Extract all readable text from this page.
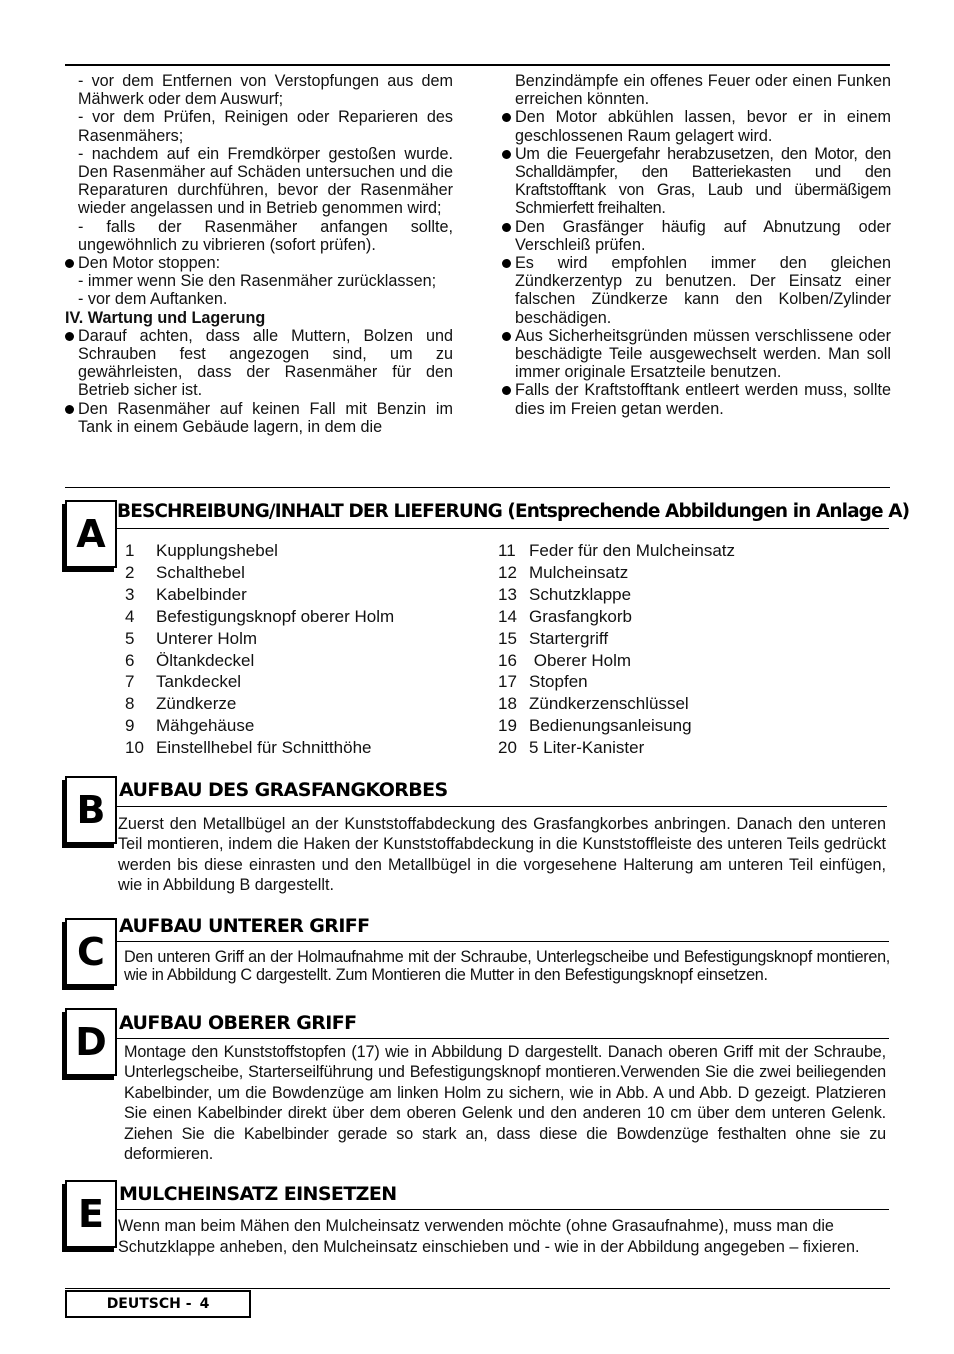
- vor dem Entfernen von Verstopfungen aus dem Mähwerk oder dem Auswurf;
- vor dem Prüfen, Reinigen oder Reparieren des Rasenmähers;
- nachdem auf ein Fremdkörper gestoßen wurde. Den Rasenmäher auf Schäden untersuchen und die Reparaturen durchführen, bevor der Rasenmäher wieder angelassen und in Betrieb genommen wird;
- falls der Rasenmäher anfangen sollte, ungewöhnlich zu vibrieren (sofort prüfen).
Den Motor stoppen:
- immer wenn Sie den Rasenmäher zurücklassen;
- vor dem Auftanken.
IV. Wartung und Lagerung
Darauf achten, dass alle Muttern, Bolzen und Schrauben fest angezogen sind, um zu gewährleisten, dass der Rasenmäher für den Betrieb sicher ist.
Den Rasenmäher auf keinen Fall mit Benzin im Tank in einem Gebäude lagern, in dem die
Benzindämpfe ein offenes Feuer oder einen Funken erreichen könnten.
Den Motor abkühlen lassen, bevor er in einem geschlossenen Raum gelagert wird.
Um die Feuergefahr herabzusetzen, den Motor, den Schalldämpfer, den Batteriekasten und den Kraftstofftank von Gras, Laub und übermäßigem Schmierfett freihalten.
Den Grasfänger häufig auf Abnutzung oder Verschleiß prüfen.
Es wird empfohlen immer den gleichen Zündkerzentyp zu benutzen. Der Einsatz einer falschen Zündkerze kann den Kolben/Zylinder beschädigen.
Aus Sicherheitsgründen müssen verschlissene oder beschädigte Teile ausgewechselt werden. Man soll immer originale Ersatzteile benutzen.
Falls der Kraftstofftank entleert werden muss, sollte dies im Freien getan werden.
A
BESCHREIBUNG/INHALT DER LIEFERUNG (Entsprechende Abbildungen in Anlage A)
1	Kupplungshebel
2	Schalthebel
3	Kabelbinder
4	Befestigungsknopf oberer Holm
5	Unterer Holm
6	Öltankdeckel
7	Tankdeckel
8	Zündkerze
9	Mähgehäuse
10 Einstellhebel für Schnitthöhe
11 Feder für den Mulcheinsatz
12 Mulcheinsatz
13 Schutzklappe
14 Grasfangkorb
15 Startergriff
16 Oberer Holm
17 Stopfen
18 Zündkerzenschlüssel
19 Bedienungsanleisung
20 5 Liter-Kanister
B AUFBAU DES GRASFANGKORBES
Zuerst den Metallbügel an der Kunststoffabdeckung des Grasfangkorbes anbringen. Danach den unteren Teil montieren, indem die Haken der Kunststoffabdeckung in die Kunststoffleiste des unteren Teils gedrückt werden bis diese einrasten und den Metallbügel in die vorgesehene Halterung am unteren Teil einfügen, wie in Abbildung B dargestellt.
C
AUFBAU UNTERER GRIFF
Den unteren Griff an der Holmaufnahme mit der Schraube, Unterlegscheibe und Befestigungsknopf montieren, wie in Abbildung C dargestellt. Zum Montieren die Mutter in den Befestigungsknopf einsetzen.
D AUFBAU OBERER GRIFF
Montage den Kunststoffstopfen (17) wie in Abbildung D dargestellt. Danach oberen Griff mit der Schraube, Unterlegscheibe, Starterseilführung und Befestigungsknopf montieren.Verwenden Sie die zwei beiliegenden Kabelbinder, um die Bowdenzüge am linken Holm zu sichern, wie in Abb. A und Abb. D gezeigt. Platzieren Sie einen Kabelbinder direkt über dem oberen Gelenk und den anderen 10 cm über dem unteren Gelenk. Ziehen Sie die Kabelbinder gerade so stark an, dass diese die Bowdenzüge festhalten ohne sie zu deformieren.
E MULCHEINSATZ EINSETZEN
Wenn man beim Mähen den Mulcheinsatz verwenden möchte (ohne Grasaufnahme), muss man die Schutzklappe anheben, den Mulcheinsatz einschieben und - wie in der Abbildung angegeben – fixieren.
DEUTSCH - 4
